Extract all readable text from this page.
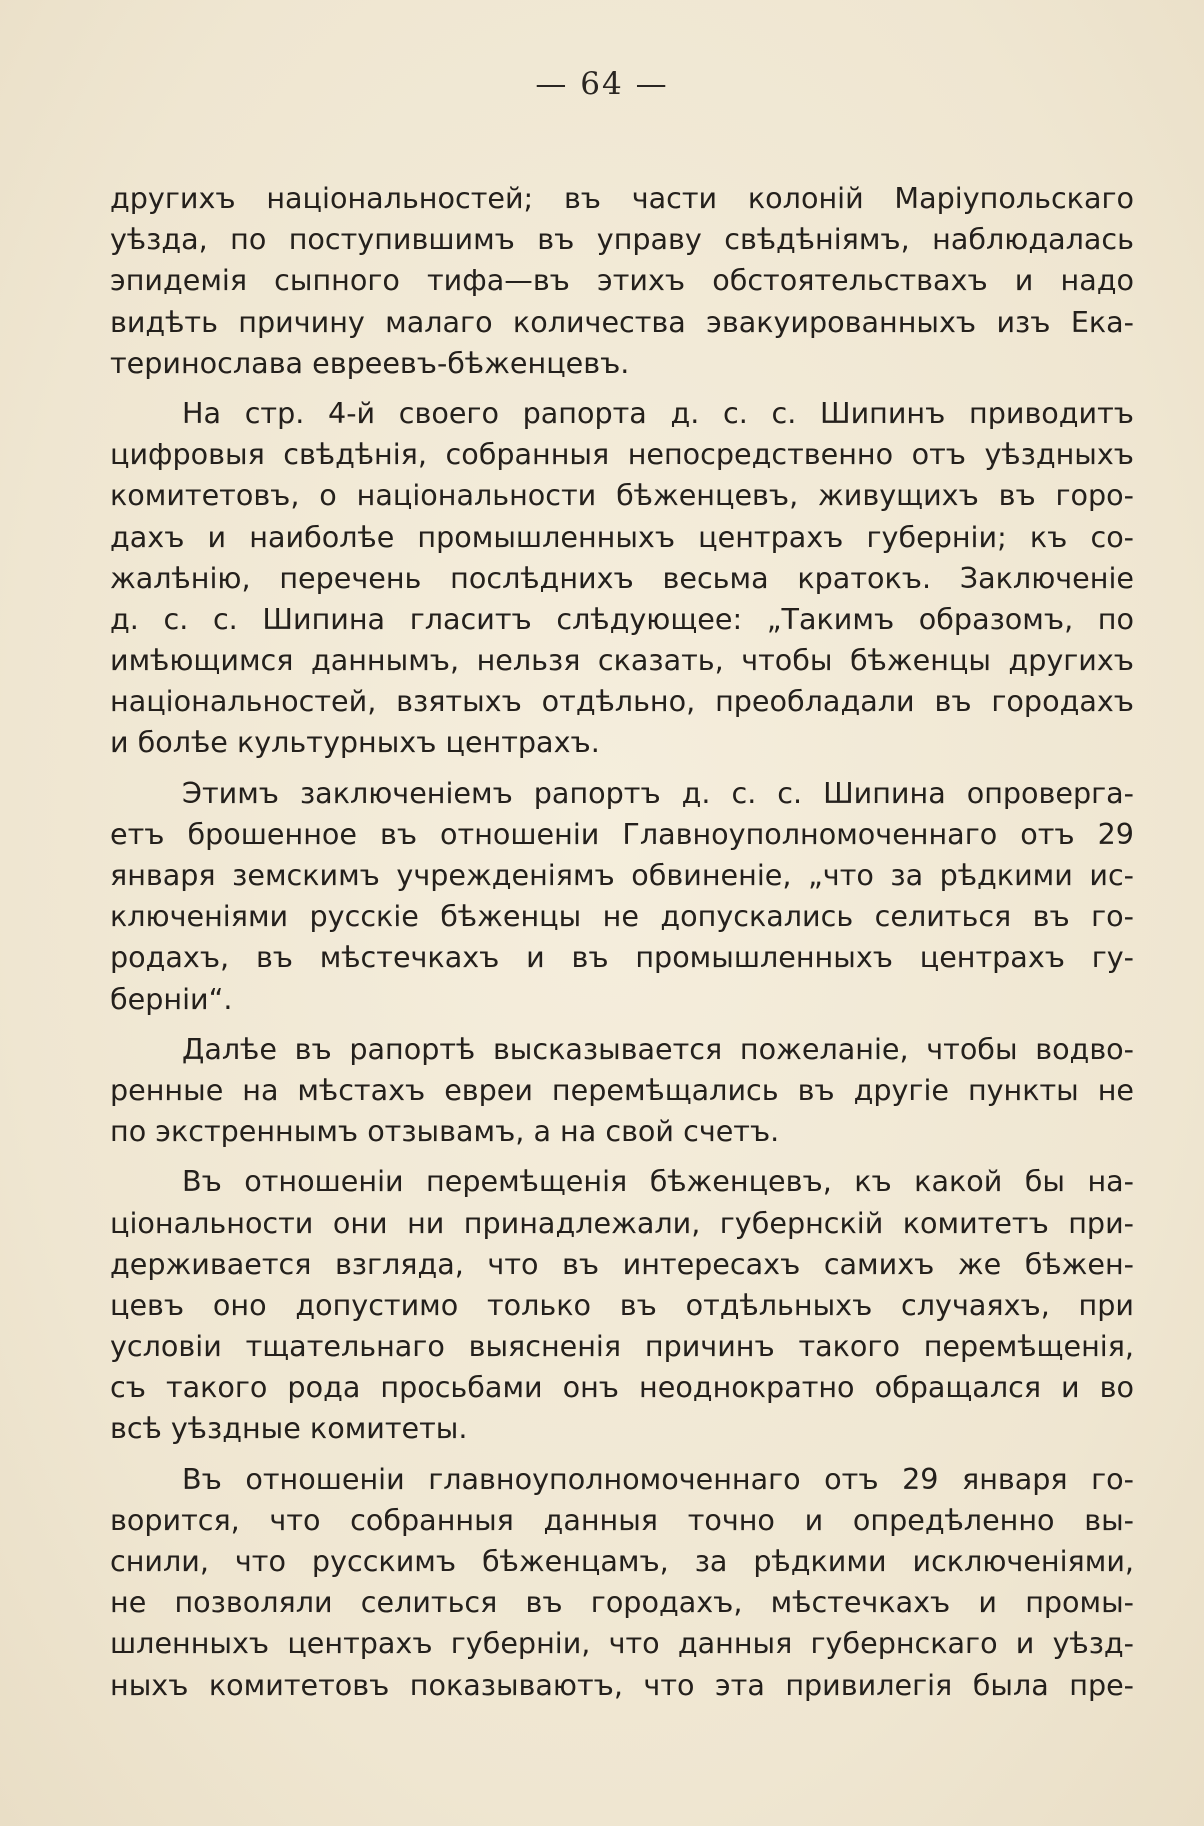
— 64 —
другихъ національностей; въ части колоній Маріупольскаго
уѣзда, по поступившимъ въ управу свѣдѣніямъ, наблюдалась
эпидемія сыпного тифа—въ этихъ обстоятельствахъ и надо
видѣть причину малаго количества эвакуированныхъ изъ Ека-
теринослава евреевъ-бѣженцевъ.
На стр. 4-й своего рапорта д. с. с. Шипинъ приводитъ
цифровыя свѣдѣнія, собранныя непосредственно отъ уѣздныхъ
комитетовъ, о національности бѣженцевъ, живущихъ въ горо-
дахъ и наиболѣе промышленныхъ центрахъ губерніи; къ со-
жалѣнію, перечень послѣднихъ весьма кратокъ. Заключеніе
д. с. с. Шипина гласитъ слѣдующее: „Такимъ образомъ, по
имѣющимся даннымъ, нельзя сказать, чтобы бѣженцы другихъ
національностей, взятыхъ отдѣльно, преобладали въ городахъ
и болѣе культурныхъ центрахъ.
Этимъ заключеніемъ рапортъ д. с. с. Шипина опроверга-
етъ брошенное въ отношеніи Главноуполномоченнаго отъ 29
января земскимъ учрежденіямъ обвиненіе, „что за рѣдкими ис-
ключеніями русскіе бѣженцы не допускались селиться въ го-
родахъ, въ мѣстечкахъ и въ промышленныхъ центрахъ гу-
берніи“.
Далѣе въ рапортѣ высказывается пожеланіе, чтобы водво-
ренные на мѣстахъ евреи перемѣщались въ другіе пункты не
по экстреннымъ отзывамъ, а на свой счетъ.
Въ отношеніи перемѣщенія бѣженцевъ, къ какой бы на-
ціональности они ни принадлежали, губернскій комитетъ при-
держивается взгляда, что въ интересахъ самихъ же бѣжен-
цевъ оно допустимо только въ отдѣльныхъ случаяхъ, при
условіи тщательнаго выясненія причинъ такого перемѣщенія,
съ такого рода просьбами онъ неоднократно обращался и во
всѣ уѣздные комитеты.
Въ отношеніи главноуполномоченнаго отъ 29 января го-
ворится, что собранныя данныя точно и опредѣленно вы-
снили, что русскимъ бѣженцамъ, за рѣдкими исключеніями,
не позволяли селиться въ городахъ, мѣстечкахъ и промы-
шленныхъ центрахъ губерніи, что данныя губернскаго и уѣзд-
ныхъ комитетовъ показываютъ, что эта привилегія была пре-
